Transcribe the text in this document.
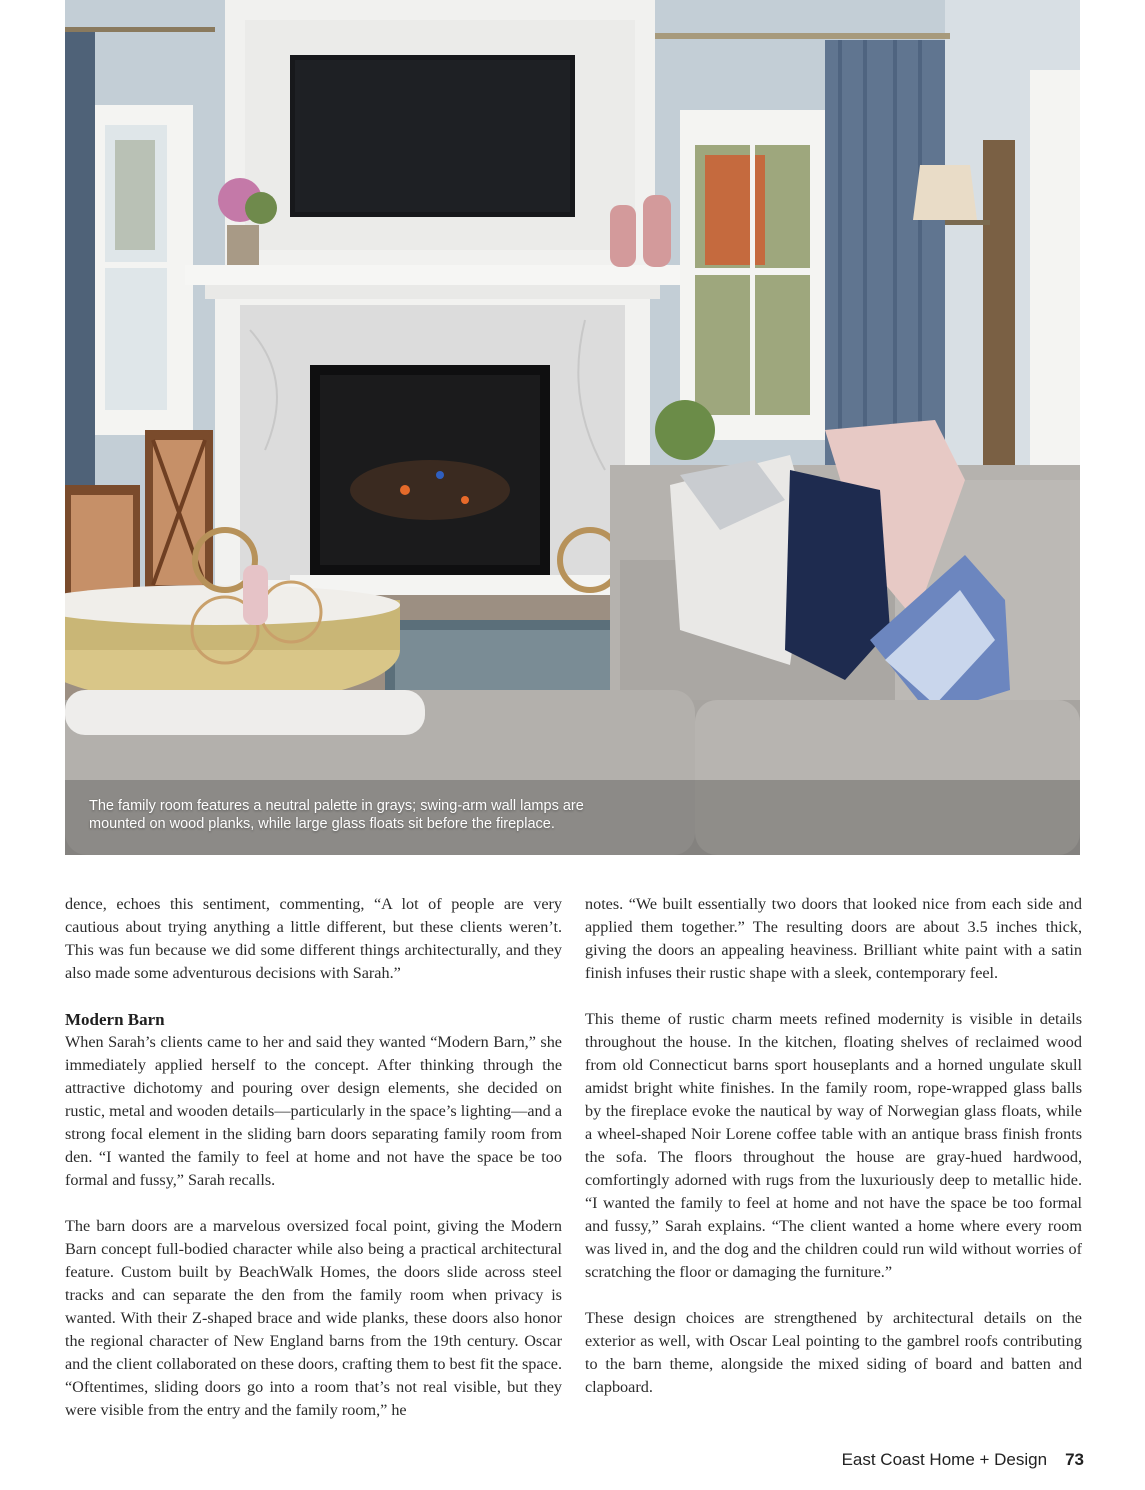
The family room features a neutral palette in grays; swing-arm wall lamps are
mounted on wood planks, while large glass floats sit before the fireplace.

dence, echoes this sentiment, commenting, “A lot of people are very cautious about trying anything a little different, but these clients weren’t. This was fun because we did some different things architecturally, and they also made some adventurous decisions with Sarah.”

Modern Barn

When Sarah’s clients came to her and said they wanted “Modern Barn,” she immediately applied herself to the concept. After thinking through the attractive dichotomy and pouring over design elements, she decided on rustic, metal and wooden details—particularly in the space’s lighting—and a strong focal element in the sliding barn doors separating family room from den. “I wanted the family to feel at home and not have the space be too formal and fussy,” Sarah recalls.

The barn doors are a marvelous oversized focal point, giving the Modern Barn concept full-bodied character while also being a practical architectural feature. Custom built by BeachWalk Homes, the doors slide across steel tracks and can separate the den from the family room when privacy is wanted. With their Z-shaped brace and wide planks, these doors also honor the regional character of New England barns from the 19th century. Oscar and the client collaborated on these doors, crafting them to best fit the space. “Oftentimes, sliding doors go into a room that’s not real visible, but they were visible from the entry and the family room,” he

notes. “We built essentially two doors that looked nice from each side and applied them together.” The resulting doors are about 3.5 inches thick, giving the doors an appealing heaviness. Brilliant white paint with a satin finish infuses their rustic shape with a sleek, contemporary feel.

This theme of rustic charm meets refined modernity is visible in details throughout the house. In the kitchen, floating shelves of reclaimed wood from old Connecticut barns sport houseplants and a horned ungulate skull amidst bright white finishes. In the family room, rope-wrapped glass balls by the fireplace evoke the nautical by way of Norwegian glass floats, while a wheel-shaped Noir Lorene coffee table with an antique brass finish fronts the sofa. The floors throughout the house are gray-hued hardwood, comfortingly adorned with rugs from the luxuriously deep to metallic hide. “I wanted the family to feel at home and not have the space be too formal and fussy,” Sarah explains. “The client wanted a home where every room was lived in, and the dog and the children could run wild without worries of scratching the floor or damaging the furniture.”

These design choices are strengthened by architectural details on the exterior as well, with Oscar Leal pointing to the gambrel roofs contributing to the barn theme, alongside the mixed siding of board and batten and clapboard.

East Coast Home + Design 73
